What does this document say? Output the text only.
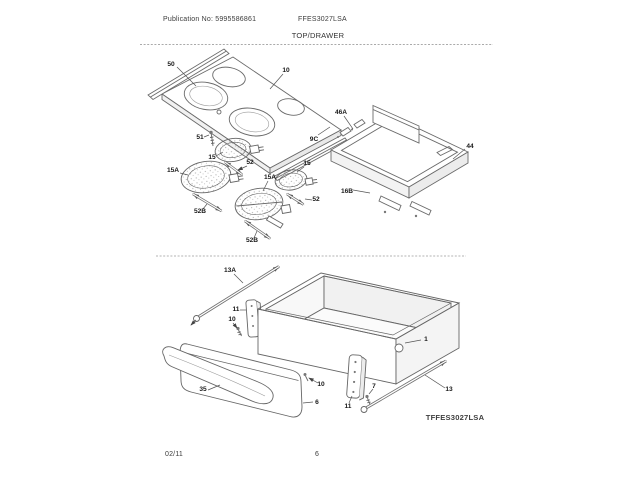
Publication No: 5995586861	FFES3027LSA
TOP/DRAWER
02/11	6
50
10
9C
46A
44
16B
51
15
52
15A
52B
15A
52B
15
52
13A
11
10
1
35
10
6
11
7	13
TFFES3027LSA
